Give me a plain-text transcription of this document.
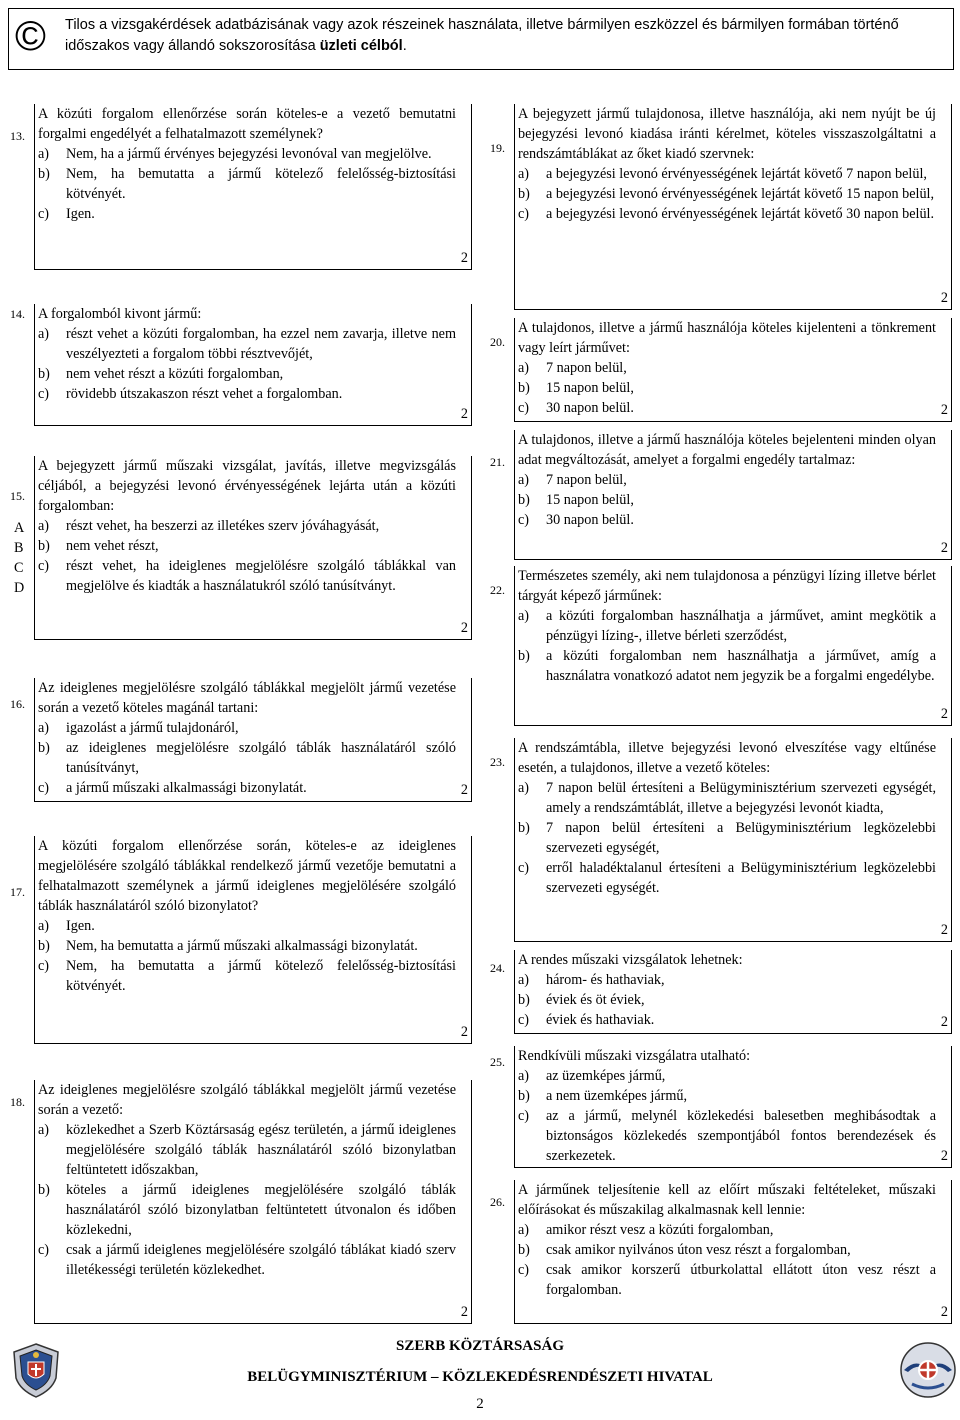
© Tilos a vizsgakérdések adatbázisának vagy azok részeinek használata, illetve bármilyen eszközzel és bármilyen formában történő
időszakos vagy állandó sokszorosítása üzleti célból.
13.
A közúti forgalom ellenőrzése során köteles-e a vezető bemutatni forgalmi engedélyét a felhatalmazott személynek?
a)	Nem, ha a jármű érvényes bejegyzési levonóval van megjelölve.
b)	Nem, ha bemutatta a jármű kötelező felelősség-biztosítási kötvényét.
c)	Igen.
2
14. A forgalomból kivont jármű:
a)	részt vehet a közúti forgalomban, ha ezzel nem zavarja, illetve nem veszélyezteti a forgalom többi résztvevőjét,
b)	nem vehet részt a közúti forgalomban,
c)	rövidebb útszakaszon részt vehet a forgalomban.
2
15.
A bejegyzett jármű műszaki vizsgálat, javítás, illetve megvizsgálás céljából, a bejegyzési levonó érvényességének lejárta után a közúti forgalomban:
a)	részt vehet, ha beszerzi az illetékes szerv jóváhagyását,
b)	nem vehet részt,
c)	részt vehet, ha ideiglenes megjelölésre szolgáló táblákkal van megjelölve és kiadták a használatukról szóló tanúsítványt.
2
A
B
C
D
16.
Az ideiglenes megjelölésre szolgáló táblákkal megjelölt jármű vezetése során a vezető köteles magánál tartani:
a)	igazolást a jármű tulajdonáról,
b)	az ideiglenes megjelölésre szolgáló táblák használatáról szóló tanúsítványt,
c)	a jármű műszaki alkalmassági bizonylatát.	2
17.
A közúti forgalom ellenőrzése során, köteles-e az ideiglenes megjelölésére szolgáló táblákkal rendelkező jármű vezetője bemutatni a felhatalmazott személynek a jármű ideiglenes megjelölésére szolgáló táblák használatáról szóló bizonylatot?
a)	Igen.
b)	Nem, ha bemutatta a jármű műszaki alkalmassági bizonylatát.
c)	Nem, ha bemutatta a jármű kötelező felelősség-biztosítási kötvényét.
2
18.
Az ideiglenes megjelölésre szolgáló táblákkal megjelölt jármű vezetése során a vezető:
a)	közlekedhet a Szerb Köztársaság egész területén, a jármű ideiglenes megjelölésére szolgáló táblák használatáról szóló bizonylatban feltüntetett időszakban,
b)	köteles a jármű ideiglenes megjelölésére szolgáló táblák használatáról szóló bizonylatban feltüntetett útvonalon és időben közlekedni,
c)	csak a jármű ideiglenes megjelölésére szolgáló táblákat kiadó szerv illetékességi területén közlekedhet.
2
19.
A bejegyzett jármű tulajdonosa, illetve használója, aki nem nyújt be új bejegyzési levonó kiadása iránti kérelmet, köteles visszaszolgáltatni a rendszámtáblákat az őket kiadó szervnek:
a)	a bejegyzési levonó érvényességének lejártát követő 7 napon belül,
b)	a bejegyzési levonó érvényességének lejártát követő 15 napon belül,
c)	a bejegyzési levonó érvényességének lejártát követő 30 napon belül.
2
20.
A tulajdonos, illetve a jármű használója köteles kijelenteni a tönkrement vagy leírt járművet:
a)	7 napon belül,
b)	15 napon belül,
c)	30 napon belül.	2
21.
A tulajdonos, illetve a jármű használója köteles bejelenteni minden olyan adat megváltozását, amelyet a forgalmi engedély tartalmaz:
a)	7 napon belül,
b)	15 napon belül,
c)	30 napon belül.
2
22.
Természetes személy, aki nem tulajdonosa a pénzügyi lízing illetve bérlet tárgyát képező járműnek:
a)	a közúti forgalomban használhatja a járművet, amint megkötik a pénzügyi lízing-, illetve bérleti szerződést,
b)	a közúti forgalomban nem használhatja a járművet, amíg a használatra vonatkozó adatot nem jegyzik be a forgalmi engedélybe.
2
23.
A rendszámtábla, illetve bejegyzési levonó elveszítése vagy eltűnése esetén, a tulajdonos, illetve a vezető köteles:
a)	7 napon belül értesíteni a Belügyminisztérium szervezeti egységét, amely a rendszámtáblát, illetve a bejegyzési levonót kiadta,
b)	7 napon belül értesíteni a Belügyminisztérium legközelebbi szervezeti egységét,
c)	erről haladéktalanul értesíteni a Belügyminisztérium legközelebbi szervezeti egységét.
2
24. A rendes műszaki vizsgálatok lehetnek:
a)	három- és hathaviak,
b)	éviek és öt éviek,
c)	éviek és hathaviak.	2
25. Rendkívüli műszaki vizsgálatra utalható:
a)	az üzemképes jármű,
b)	a nem üzemképes jármű,
c)	az a jármű, melynél közlekedési balesetben meghibásodtak a biztonságos közlekedés szempontjából fontos berendezések és szerkezetek.	2
26.
A járműnek teljesítenie kell az előírt műszaki feltételeket, műszaki előírásokat és műszakilag alkalmasnak kell lennie:
a)	amikor részt vesz a közúti forgalomban,
b)	csak amikor nyilvános úton vesz részt a forgalomban,
c)	csak amikor korszerű útburkolattal ellátott úton vesz részt a forgalomban.
2
SZERB KÖZTÁRSASÁG
BELÜGYMINISZTÉRIUM – KÖZLEKEDÉSRENDÉSZETI HIVATAL
2
